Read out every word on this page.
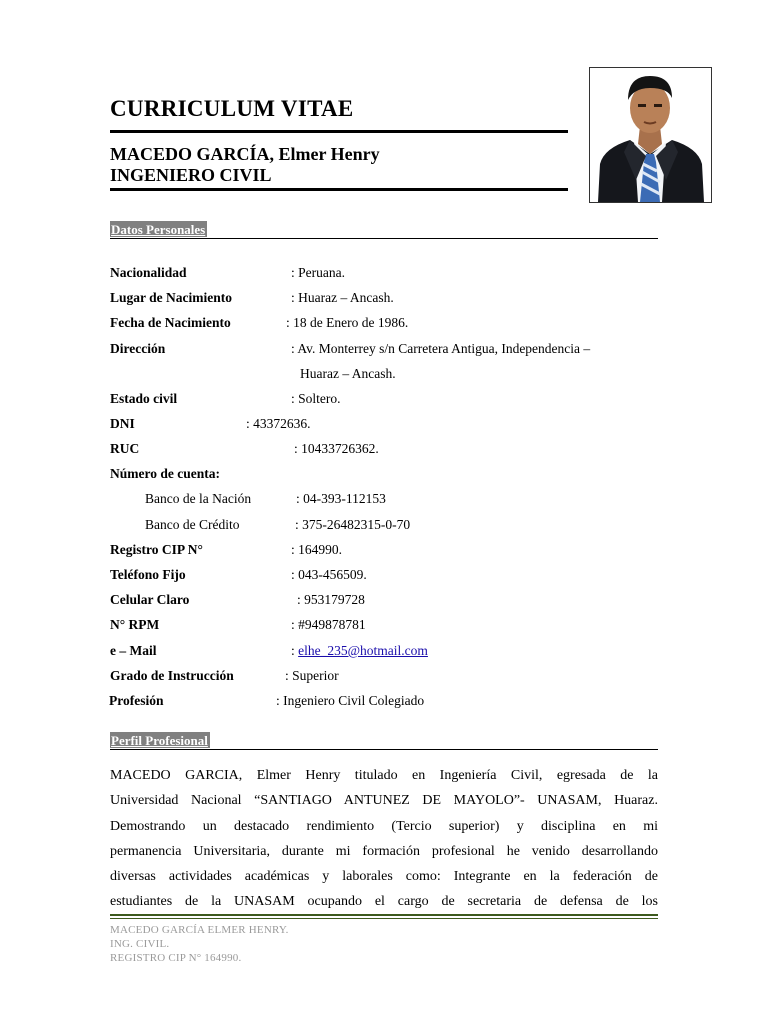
CURRICULUM VITAE
MACEDO GARCÍA, Elmer Henry
INGENIERO CIVIL
Datos Personales
Nacionalidad	: Peruana.
Lugar de Nacimiento	: Huaraz – Ancash.
Fecha de Nacimiento	: 18 de Enero de 1986.
Dirección	: Av. Monterrey s/n Carretera Antigua, Independencia –
Huaraz – Ancash.
Estado civil	: Soltero.
DNI	: 43372636.
RUC	: 10433726362.
Número de cuenta:
Banco de la Nación	: 04-393-112153
Banco de Crédito	: 375-26482315-0-70
Registro CIP N°	: 164990.
Teléfono Fijo	: 043-456509.
Celular Claro	: 953179728
N° RPM	: #949878781
e – Mail	: elhe_235@hotmail.com
Grado de Instrucción	: Superior
Profesión	: Ingeniero Civil Colegiado
Perfil Profesional
MACEDO GARCIA, Elmer Henry titulado en Ingeniería Civil, egresada de la
Universidad Nacional “SANTIAGO ANTUNEZ DE MAYOLO”- UNASAM, Huaraz.
Demostrando un destacado rendimiento (Tercio superior) y disciplina en mi
permanencia Universitaria, durante mi formación profesional he venido desarrollando
diversas actividades académicas y laborales como: Integrante en la federación de
estudiantes de la UNASAM ocupando el cargo de secretaria de defensa de los
MACEDO GARCÍA ELMER HENRY.
ING. CIVIL.
REGISTRO CIP N° 164990.
